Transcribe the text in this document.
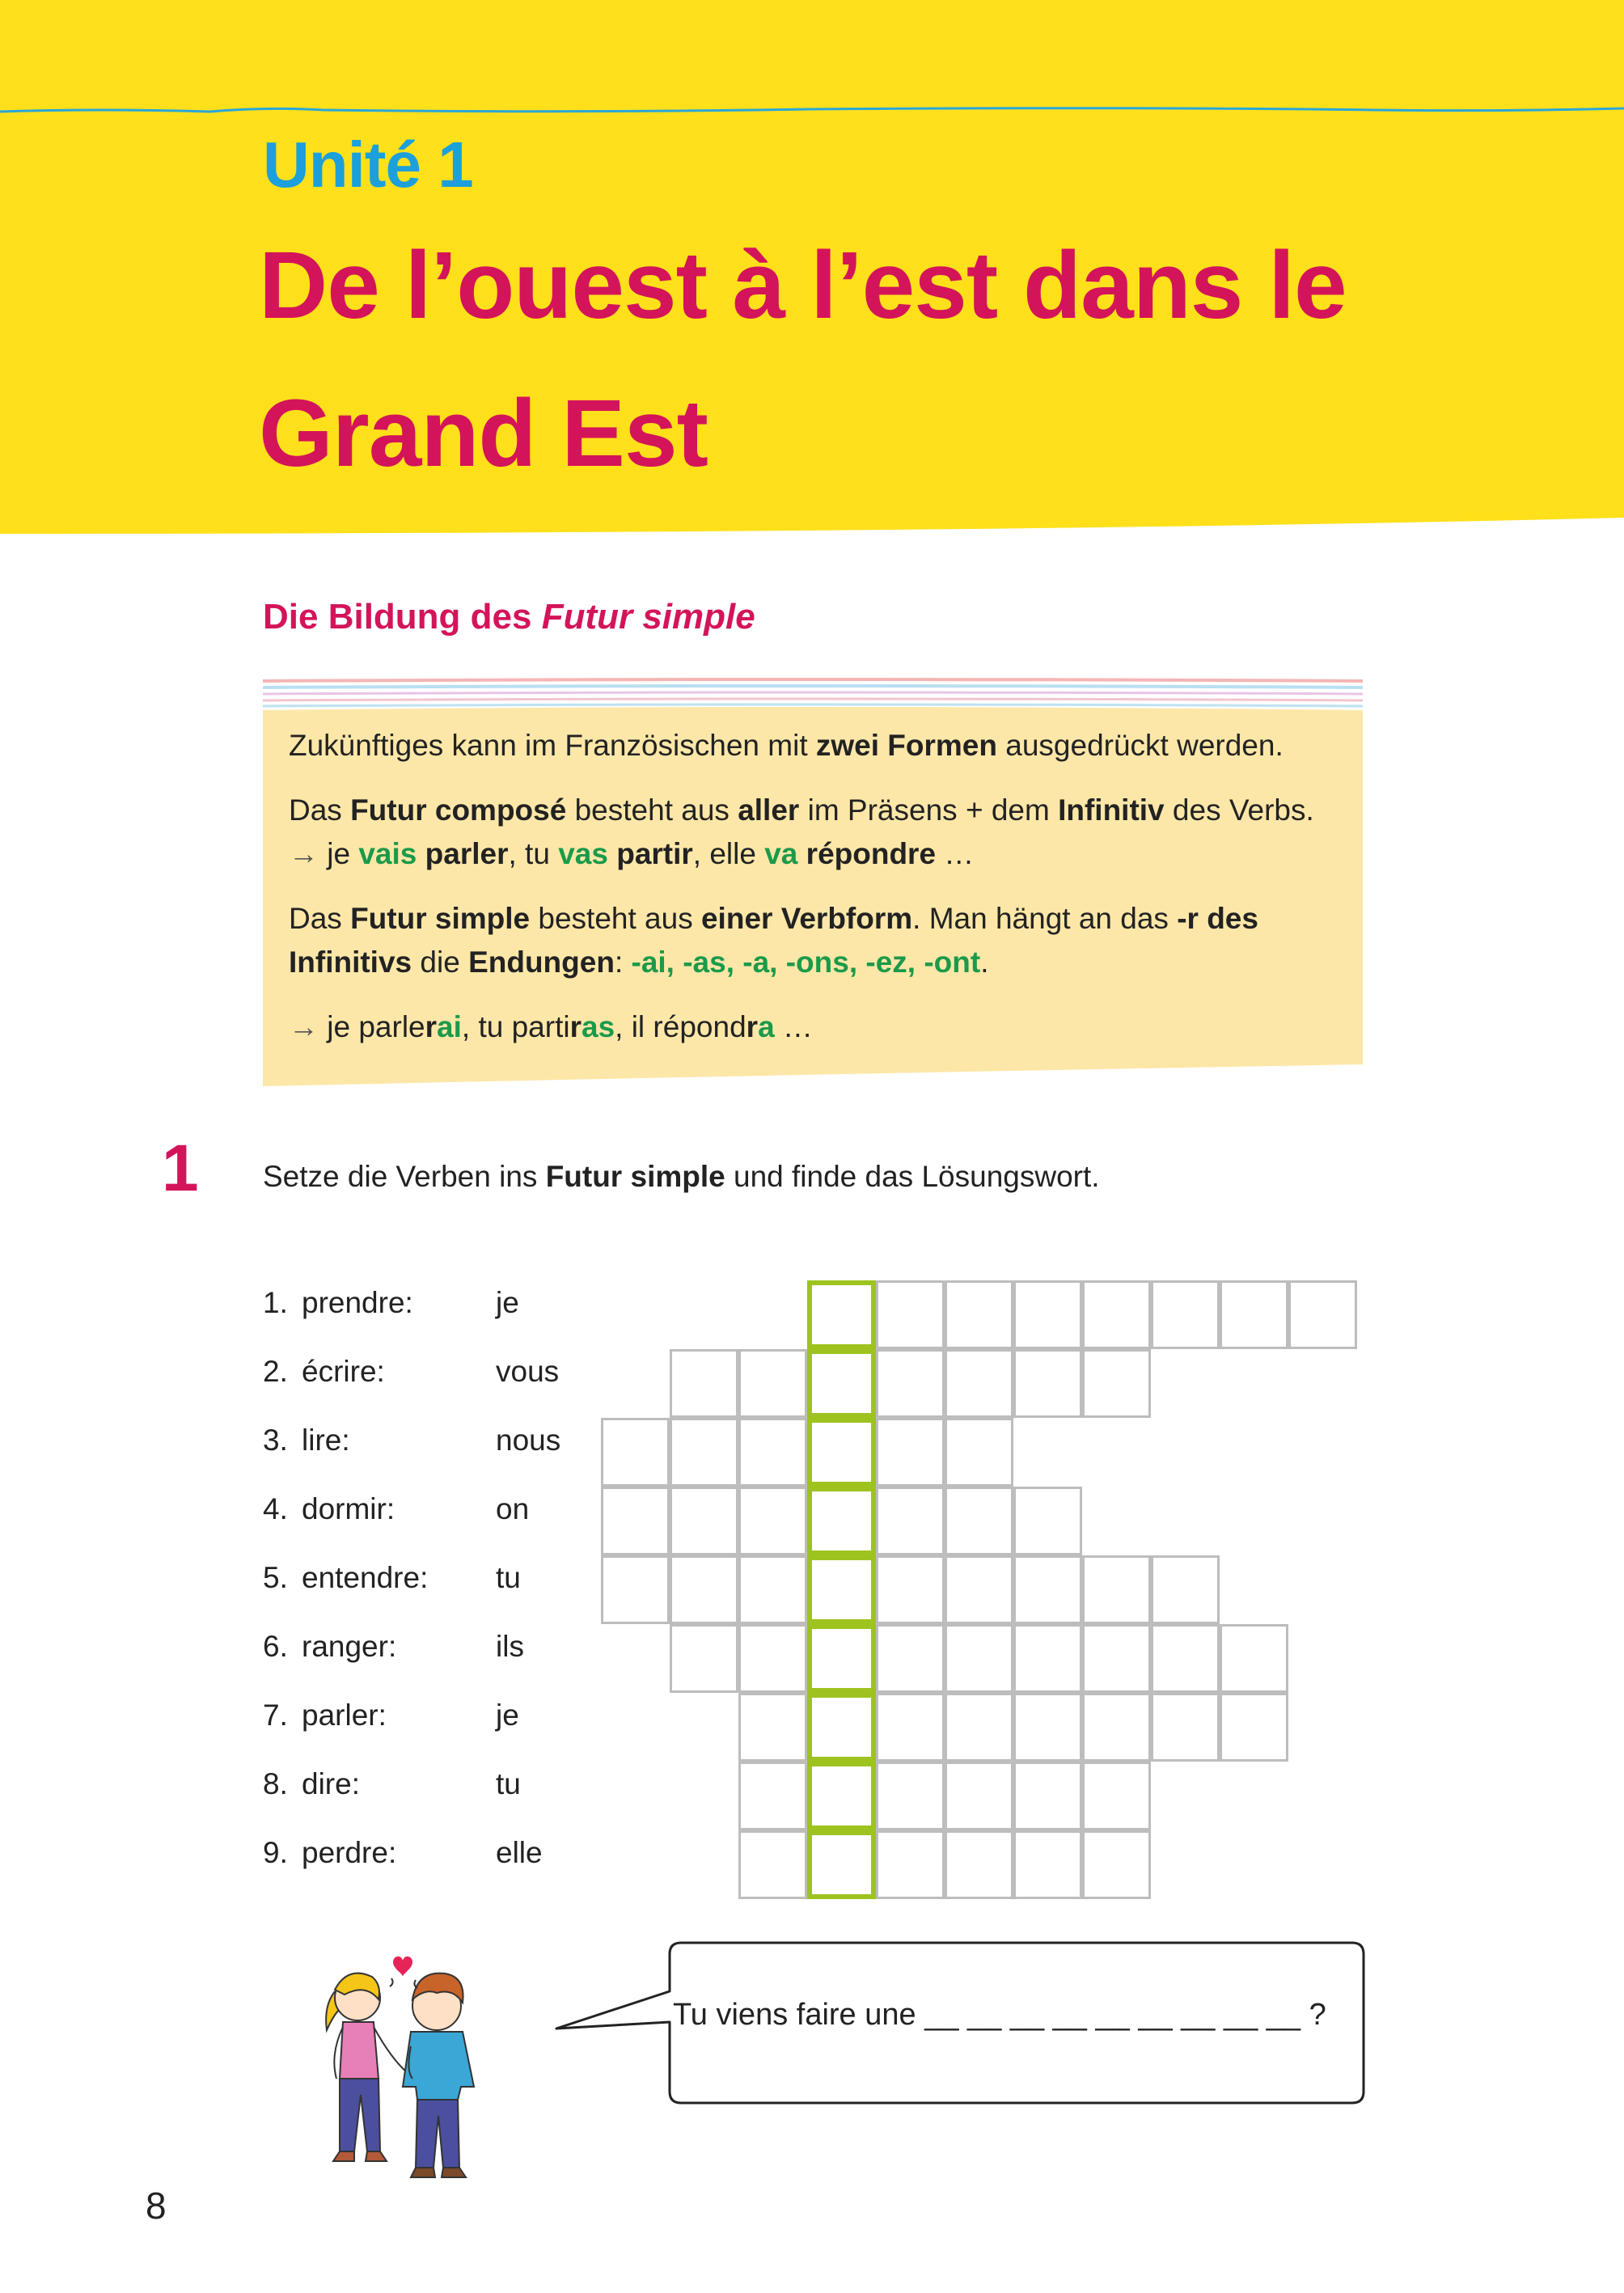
Unité 1
De l’ouest à l’est dans le Grand Est
Die Bildung des Futur simple

Zukünftiges kann im Französischen mit zwei Formen ausgedrückt werden.

Das Futur composé besteht aus aller im Präsens + dem Infinitiv des Verbs.
→ je vais parler, tu vas partir, elle va répondre …

Das Futur simple besteht aus einer Verbform. Man hängt an das -r des Infinitivs die Endungen: -ai, -as, -a, -ons, -ez, -ont.

→ je parlerai, tu partiras, il répondra …

1 Setze die Verben ins Futur simple und finde das Lösungswort.

1. prendre:	je
2. écrire:	vous
3. lire:	nous
4. dormir:	on
5. entendre: tu
6. ranger:	ils
7. parler:	je
8. dire:	tu
9. perdre:	elle

Tu viens faire une __ __ __ __ __ __ __ __ __ ?

8
